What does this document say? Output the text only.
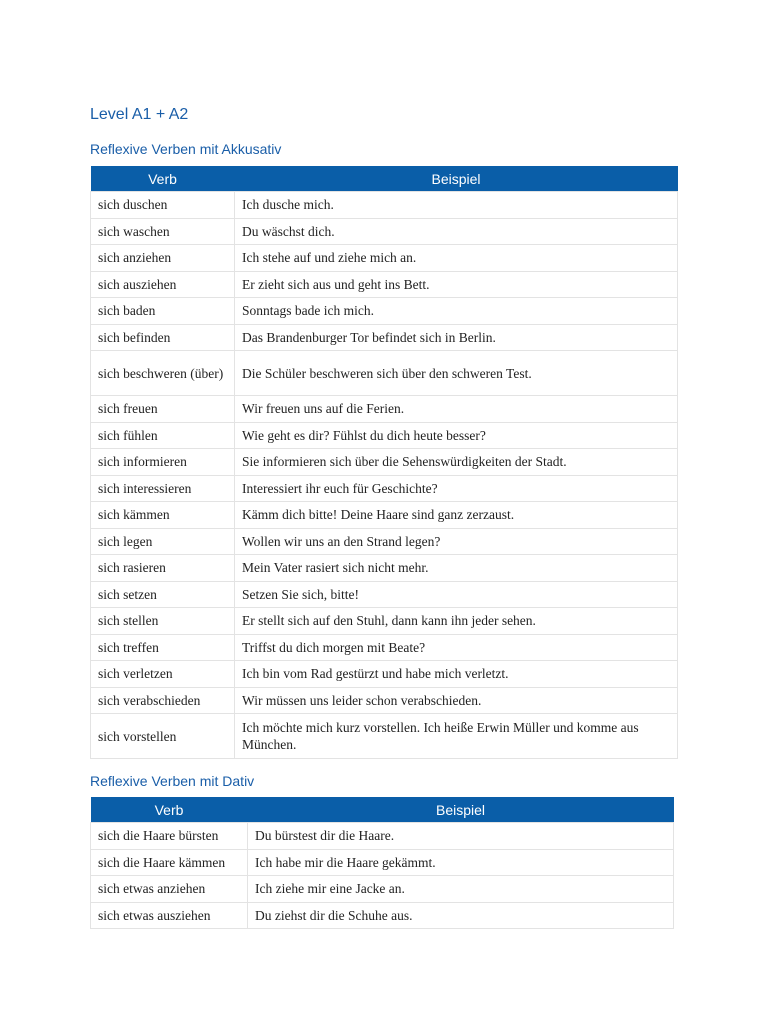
Level A1 + A2
Reflexive Verben mit Akkusativ
Verb	Beispiel
sich duschen	Ich dusche mich.
sich waschen	Du wäschst dich.
sich anziehen	Ich stehe auf und ziehe mich an.
sich ausziehen	Er zieht sich aus und geht ins Bett.
sich baden	Sonntags bade ich mich.
sich befinden	Das Brandenburger Tor befindet sich in Berlin.
sich beschweren (über)	Die Schüler beschweren sich über den schweren Test.
sich freuen	Wir freuen uns auf die Ferien.
sich fühlen	Wie geht es dir? Fühlst du dich heute besser?
sich informieren	Sie informieren sich über die Sehenswürdigkeiten der Stadt.
sich interessieren	Interessiert ihr euch für Geschichte?
sich kämmen	Kämm dich bitte! Deine Haare sind ganz zerzaust.
sich legen	Wollen wir uns an den Strand legen?
sich rasieren	Mein Vater rasiert sich nicht mehr.
sich setzen	Setzen Sie sich, bitte!
sich stellen	Er stellt sich auf den Stuhl, dann kann ihn jeder sehen.
sich treffen	Triffst du dich morgen mit Beate?
sich verletzen	Ich bin vom Rad gestürzt und habe mich verletzt.
sich verabschieden	Wir müssen uns leider schon verabschieden.
sich vorstellen	Ich möchte mich kurz vorstellen. Ich heiße Erwin Müller und komme aus München.
Reflexive Verben mit Dativ
Verb	Beispiel
sich die Haare bürsten	Du bürstest dir die Haare.
sich die Haare kämmen	Ich habe mir die Haare gekämmt.
sich etwas anziehen	Ich ziehe mir eine Jacke an.
sich etwas ausziehen	Du ziehst dir die Schuhe aus.
